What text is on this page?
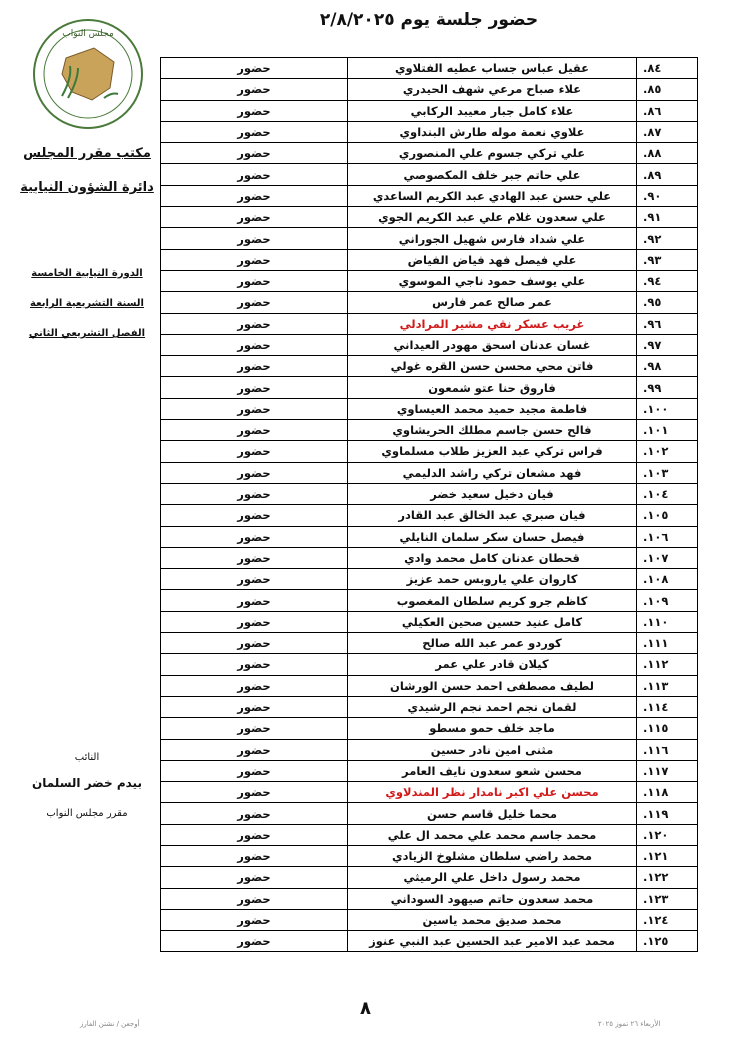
حضور جلسة يوم ٢/٨/٢٠٢٥
مجلس النواب
مكتب مقرر المجلس
دائرة الشؤون النيابية
الدورة النيابية الخامسة
السنة التشريعية الرابعة
الفصل التشريعي الثاني
النائب
بيدم خضر السلمان
مقرر مجلس النواب
٨٤.	عقيل عباس جساب عطيه الفتلاوي	حضور
٨٥.	علاء صباح مرعي شهف الحيدري	حضور
٨٦.	علاء كامل جبار معيبد الركابي	حضور
٨٧.	علاوي نعمة موله طارش البنداوي	حضور
٨٨.	علي تركي جسوم علي المنصوري	حضور
٨٩.	علي حاتم جبر خلف المكصوصي	حضور
٩٠.	علي حسن عبد الهادي عبد الكريم الساعدي	حضور
٩١.	علي سعدون غلام علي عبد الكريم الجوي	حضور
٩٢.	علي شداد فارس شهيل الجوراني	حضور
٩٣.	علي فيصل فهد فياض الفياض	حضور
٩٤.	علي يوسف حمود ناجي الموسوي	حضور
٩٥.	عمر صالح عمر فارس	حضور
٩٦.	غريب عسكر نقي مشير المرادلي	حضور
٩٧.	غسان عدنان اسحق مهودر العيداني	حضور
٩٨.	فاتن محي محسن حسن القره غولي	حضور
٩٩.	فاروق حنا عتو شمعون	حضور
١٠٠.	فاطمة مجيد حميد محمد العيساوي	حضور
١٠١.	فالح حسن جاسم مطلك الحريشاوي	حضور
١٠٢.	فراس تركي عبد العزيز طلاب مسلماوي	حضور
١٠٣.	فهد مشعان تركي راشد الدليمي	حضور
١٠٤.	فيان دخيل سعيد خضر	حضور
١٠٥.	فيان صبري عبد الخالق عبد القادر	حضور
١٠٦.	فيصل حسان سكر سلمان النايلي	حضور
١٠٧.	قحطان عدنان كامل محمد وادي	حضور
١٠٨.	كاروان علي ياروبس حمد عزيز	حضور
١٠٩.	كاظم جرو كريم سلطان المغصوب	حضور
١١٠.	كامل عنيد حسين صحين العكيلي	حضور
١١١.	كوردو عمر عبد الله صالح	حضور
١١٢.	كيلان قادر علي عمر	حضور
١١٣.	لطيف مصطفى احمد حسن الورشان	حضور
١١٤.	لقمان نجم احمد نجم الرشيدي	حضور
١١٥.	ماجد خلف حمو مسطو	حضور
١١٦.	مثنى امين نادر حسين	حضور
١١٧.	محسن شعو سعدون نايف العامر	حضور
١١٨.	محسن علي اكبر نامدار نظر المندلاوي	حضور
١١٩.	محما خليل قاسم حسن	حضور
١٢٠.	محمد جاسم محمد علي محمد ال علي	حضور
١٢١.	محمد راضي سلطان مشلوخ الزيادي	حضور
١٢٢.	محمد رسول داخل علي الرميثي	حضور
١٢٣.	محمد سعدون حاتم صيهود السوداني	حضور
١٢٤.	محمد صديق محمد ياسين	حضور
١٢٥.	محمد عبد الامير عبد الحسين عبد النبي عنوز	حضور
٨
الأربعاء ٢٦ تموز ٢٠٢٥
أوجعن / نشتن الفارز
